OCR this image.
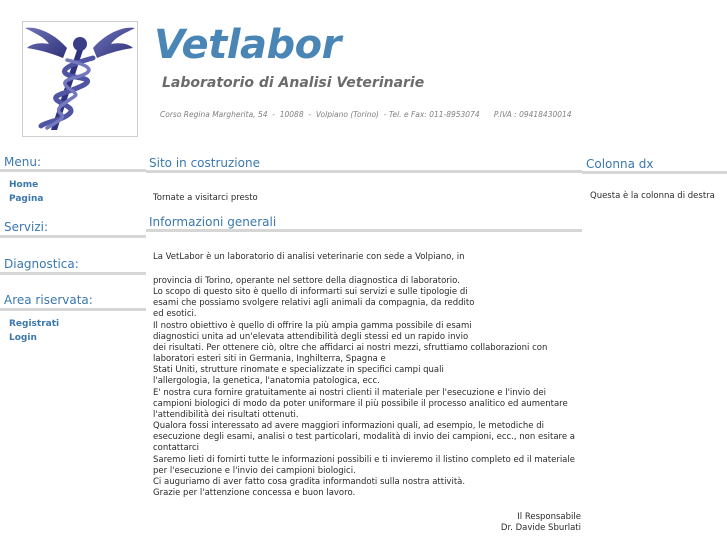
Vetlabor
Laboratorio di Analisi Veterinarie
Corso Regina Margherita, 54  -  10088  -  Volpiano (Torino)  - Tel. e Fax: 011-8953074      P.IVA : 09418430014
Menu:
Home
Pagina
Servizi:
Diagnostica:
Area riservata:
Registrati
Login
Sito in costruzione
Tornate a visitarci presto
Informazioni generali
La VetLabor è un laboratorio di analisi veterinarie con sede a Volpiano, in
provincia di Torino, operante nel settore della diagnostica di laboratorio.
Lo scopo di questo sito è quello di informarti sui servizi e sulle tipologie di
esami che possiamo svolgere relativi agli animali da compagnia, da reddito
ed esotici.
Il nostro obiettivo è quello di offrire la più ampia gamma possibile di esami
diagnostici unita ad un'elevata attendibilità degli stessi ed un rapido invio
dei risultati. Per ottenere ciò, oltre che affidarci ai nostri mezzi, sfruttiamo collaborazioni con
laboratori esteri siti in Germania, Inghilterra, Spagna e
Stati Uniti, strutture rinomate e specializzate in specifici campi quali
l'allergologia, la genetica, l'anatomia patologica, ecc.
E' nostra cura fornire gratuitamente ai nostri clienti il materiale per l'esecuzione e l'invio dei
campioni biologici di modo da poter uniformare il più possibile il processo analitico ed aumentare
l'attendibilità dei risultati ottenuti.
Qualora fossi interessato ad avere maggiori informazioni quali, ad esempio, le metodiche di
esecuzione degli esami, analisi o test particolari, modalità di invio dei campioni, ecc., non esitare a
contattarci
Saremo lieti di fornirti tutte le informazioni possibili e ti invieremo il listino completo ed il materiale
per l'esecuzione e l'invio dei campioni biologici.
Ci auguriamo di aver fatto cosa gradita informandoti sulla nostra attività.
Grazie per l'attenzione concessa e buon lavoro.
Il Responsabile
Dr. Davide Sburlati
Colonna dx
Questa è la colonna di destra
